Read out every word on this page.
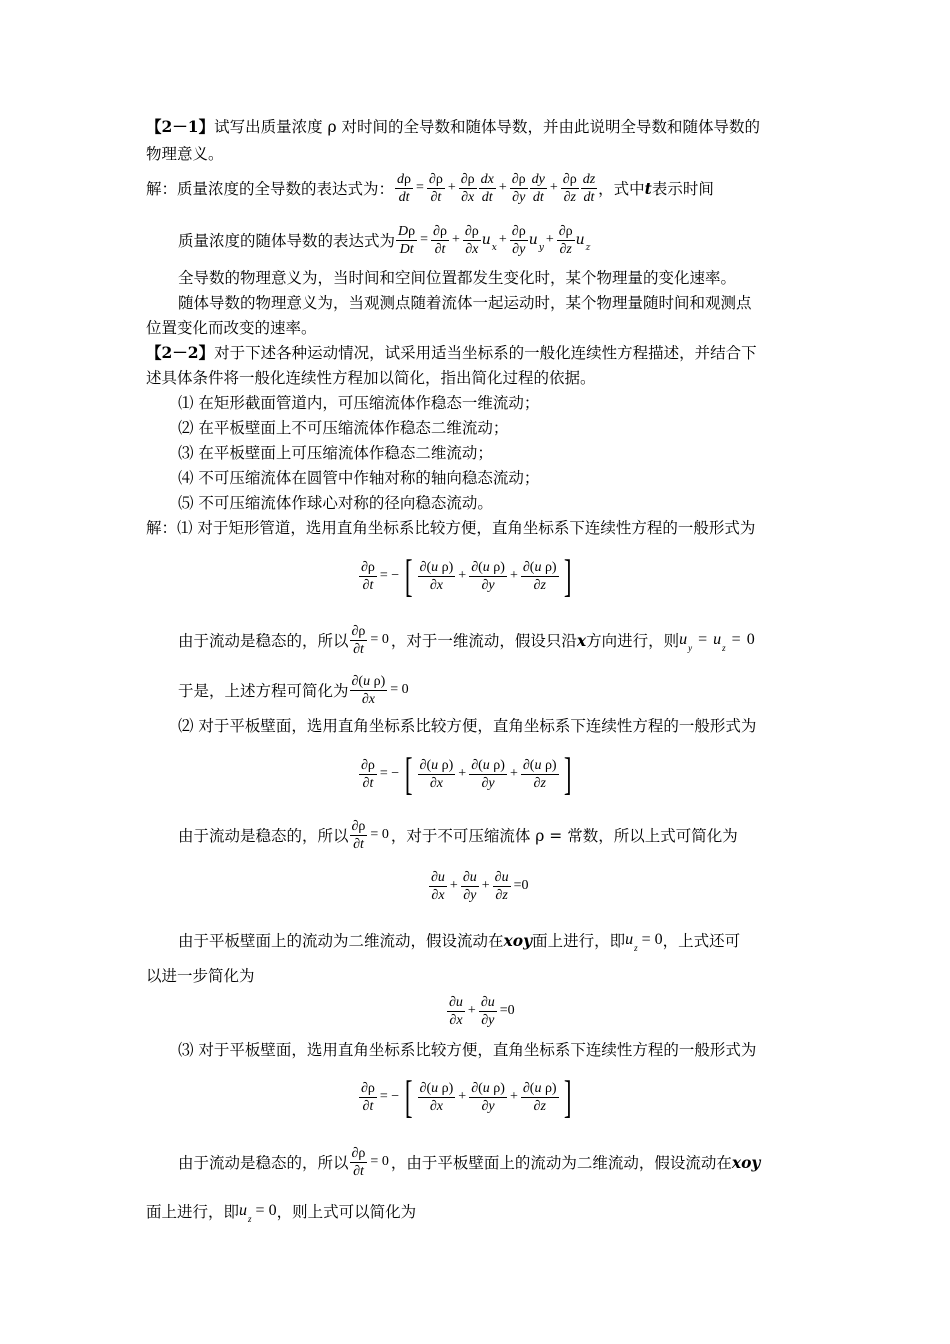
【2－1】试写出质量浓度 ρ 对时间的全导数和随体导数，并由此说明全导数和随体导数的
物理意义。
解：质量浓度的全导数的表达式为： $\frac{d\rho}{dt} = \frac{\partial\rho}{\partial t} + \frac{\partial\rho}{\partial x} \frac{dx}{dt} + \frac{\partial\rho}{\partial y} \frac{dy}{dt} + \frac{\partial\rho}{\partial z} \frac{dz}{dt}$ ，式中 t 表示时间
质量浓度的随体导数的表达式为 $\frac{D\rho}{Dt} = \frac{\partial\rho}{\partial t} + \frac{\partial\rho}{\partial x}$ u x
+ $\frac{\partial\rho}{\partial y}$ u y
+ $\frac{\partial\rho}{\partial z}$ u z
全导数的物理意义为，当时间和空间位置都发生变化时，某个物理量的变化速率。
随体导数的物理意义为，当观测点随着流体一起运动时，某个物理量随时间和观测点
位置变化而改变的速率。
【2－2】对于下述各种运动情况，试采用适当坐标系的一般化连续性方程描述，并结合下
述具体条件将一般化连续性方程加以简化，指出简化过程的依据。
⑴ 在矩形截面管道内，可压缩流体作稳态一维流动；
⑵ 在平板壁面上不可压缩流体作稳态二维流动；
⑶ 在平板壁面上可压缩流体作稳态二维流动；
⑷ 不可压缩流体在圆管中作轴对称的轴向稳态流动；
⑸ 不可压缩流体作球心对称的径向稳态流动。
解：⑴ 对于矩形管道，选用直角坐标系比较方便，直角坐标系下连续性方程的一般形式为
$\frac{\partial\rho}{\partial t}$ = − [ $\frac{\text{∂(u ρ)}}{\partial x} + \frac{\text{∂(u ρ)}}{\partial y} + \frac{\text{∂(u ρ)}}{\partial z}$ ]
由于流动是稳态的，所以 $\frac{\partial\rho}{\partial t} = 0$ ，对于一维流动，假设只沿 x 方向进行，则 u y = u z = 0
于是，上述方程可简化为 $\frac{\text{∂(u ρ)}}{\partial x} = 0$
⑵ 对于平板壁面，选用直角坐标系比较方便，直角坐标系下连续性方程的一般形式为
$\frac{\partial\rho}{\partial t}$ = − [ $\frac{\text{∂(u ρ)}}{\partial x} + \frac{\text{∂(u ρ)}}{\partial y} + \frac{\text{∂(u ρ)}}{\partial z}$ ]
由于流动是稳态的，所以 $\frac{\partial\rho}{\partial t} = 0$ ，对于不可压缩流体 ρ = 常数，所以上式可简化为
$\frac{\partial u}{\partial x} + \frac{\partial u}{\partial y} + \frac{\partial u}{\partial z} =0$
由于平板壁面上的流动为二维流动，假设流动在 xoy 面上进行，即 u z = 0 ，上式还可
以进一步简化为
$\frac{\partial u}{\partial x} + \frac{\partial u}{\partial y} =0$
⑶ 对于平板壁面，选用直角坐标系比较方便，直角坐标系下连续性方程的一般形式为
$\frac{\partial\rho}{\partial t}$ = − [ $\frac{\text{∂(u ρ)}}{\partial x} + \frac{\text{∂(u ρ)}}{\partial y} + \frac{\text{∂(u ρ)}}{\partial z}$ ]
由于流动是稳态的，所以 $\frac{\partial\rho}{\partial t} = 0$ ，由于平板壁面上的流动为二维流动，假设流动在 xoy
面上进行，即 u z = 0 ，则上式可以简化为
